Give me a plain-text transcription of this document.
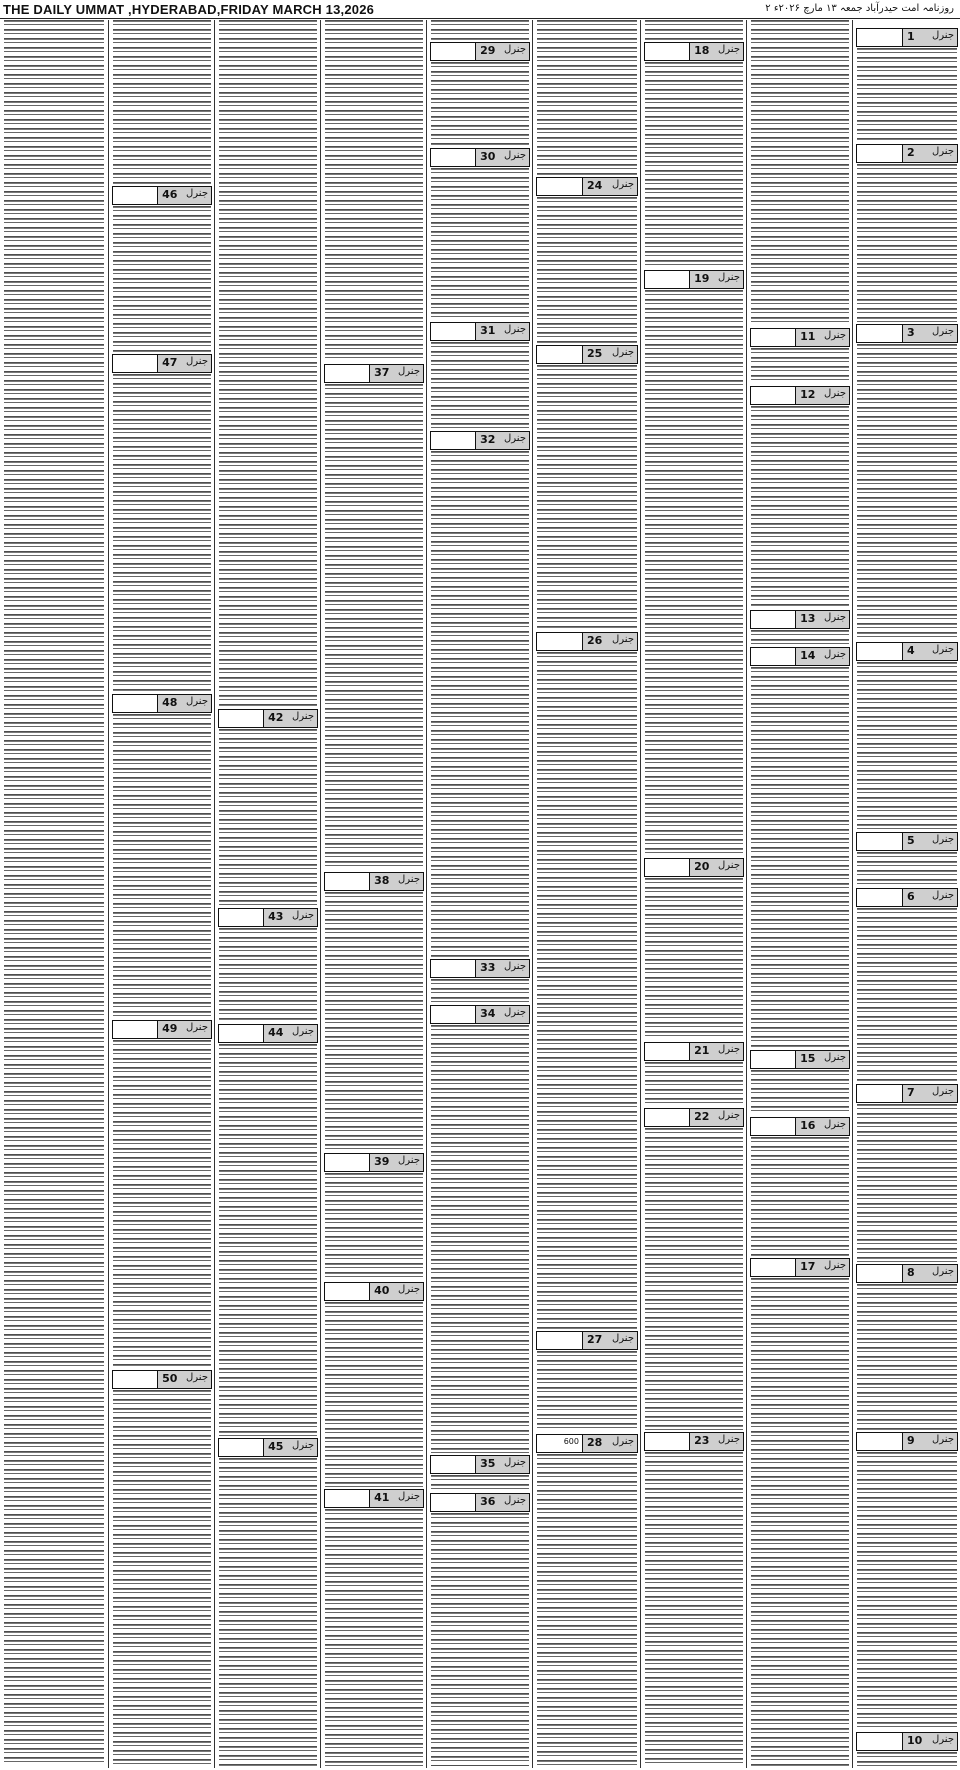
THE DAILY UMMAT ,HYDERABAD,FRIDAY MARCH 13,2026	روزنامہ امت حیدرآباد جمعہ ۱۳ مارچ ۲۰۲۶ء ۲
جنرل
1
جنرل
2
جنرل
3
جنرل
4
جنرل
5
جنرل
6
جنرل
7
جنرل
8
جنرل
9
جنرل
10
جنرل
11
جنرل
12
جنرل
13
جنرل
14
جنرل
15
جنرل
16
جنرل
17
جنرل
18
جنرل
19
جنرل
20
جنرل
21
جنرل
22
جنرل
23
جنرل
24
جنرل
25
جنرل
26
جنرل
27
جنرل
28
600
جنرل
29
جنرل
30
جنرل
31
جنرل
32
جنرل
33
جنرل
34
جنرل
35
جنرل
36
جنرل
37
جنرل
38
جنرل
39
جنرل
40
جنرل
41
جنرل
42
جنرل
43
جنرل
44
جنرل
45
جنرل
46
جنرل
47
جنرل
48
جنرل
49
جنرل
50
